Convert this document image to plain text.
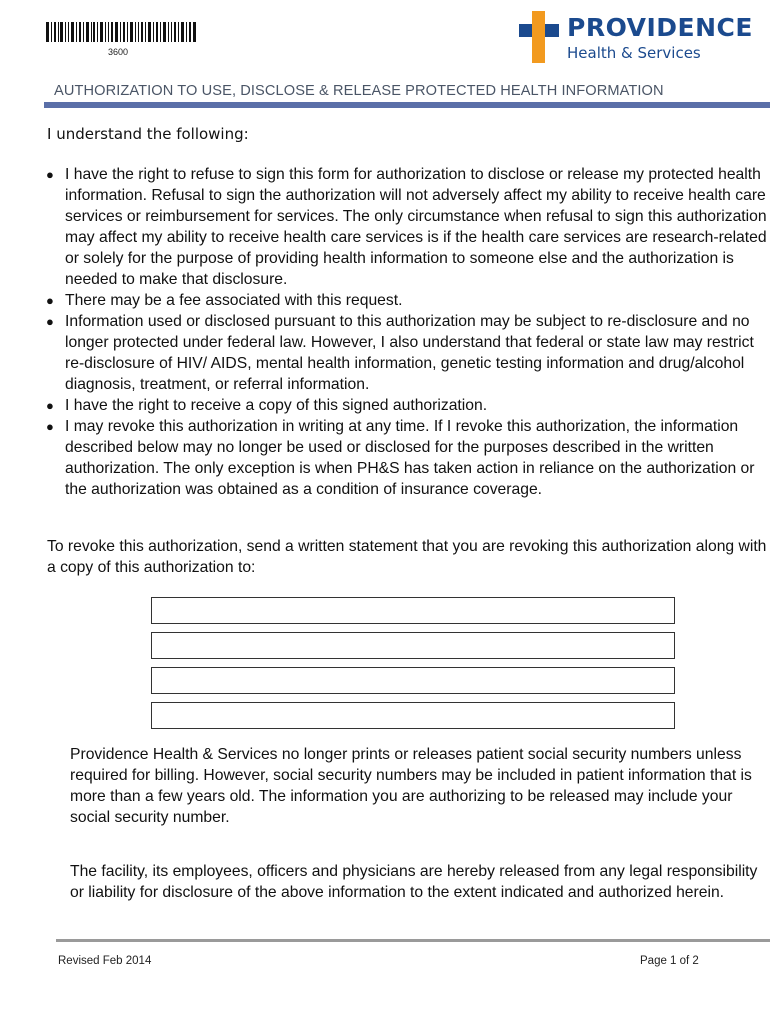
3600
PROVIDENCE
Health & Services
AUTHORIZATION TO USE, DISCLOSE & RELEASE PROTECTED HEALTH INFORMATION
I understand the following:
● I have the right to refuse to sign this form for authorization to disclose or release my protected health information. Refusal to sign the authorization will not adversely affect my ability to receive health care services or reimbursement for services. The only circumstance when refusal to sign this authorization may affect my ability to receive health care services is if the health care services are research-related or solely for the purpose of providing health information to someone else and the authorization is needed to make that disclosure.
● There may be a fee associated with this request.
● Information used or disclosed pursuant to this authorization may be subject to re-disclosure and no longer protected under federal law. However, I also understand that federal or state law may restrict re-disclosure of HIV/ AIDS, mental health information, genetic testing information and drug/alcohol diagnosis, treatment, or referral information.
● I have the right to receive a copy of this signed authorization.
● I may revoke this authorization in writing at any time. If I revoke this authorization, the information described below may no longer be used or disclosed for the purposes described in the written authorization. The only exception is when PH&S has taken action in reliance on the authorization or the authorization was obtained as a condition of insurance coverage.

To revoke this authorization, send a written statement that you are revoking this authorization along with a copy of this authorization to:

Providence Health & Services no longer prints or releases patient social security numbers unless required for billing. However, social security numbers may be included in patient information that is more than a few years old. The information you are authorizing to be released may include your social security number.

The facility, its employees, officers and physicians are hereby released from any legal responsibility or liability for disclosure of the above information to the extent indicated and authorized herein.

Revised Feb 2014	Page 1 of 2
